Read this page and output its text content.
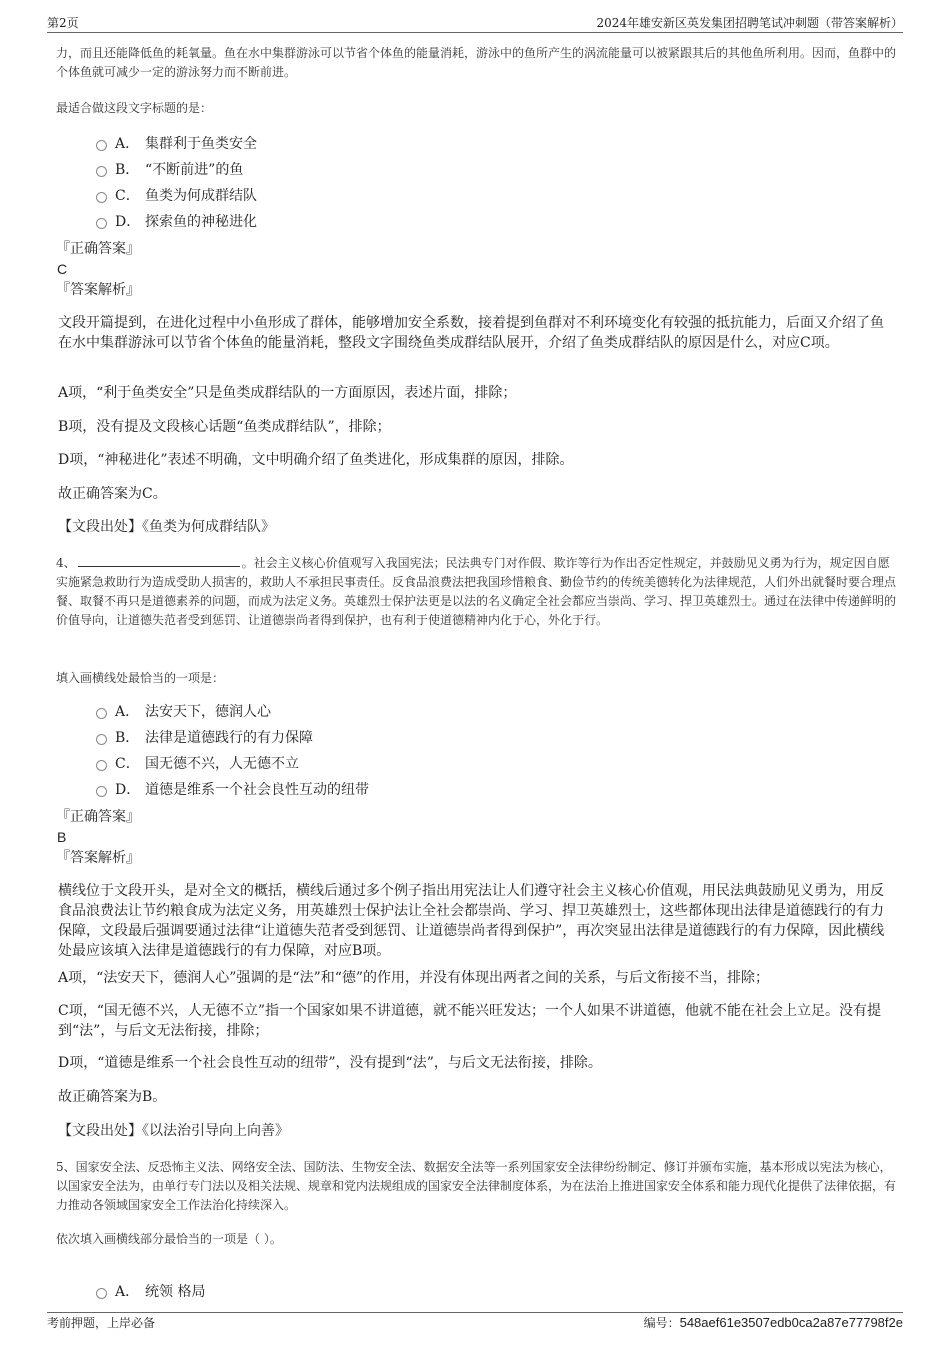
第2页	2024年雄安新区英发集团招聘笔试冲刺题（带答案解析）
力，而且还能降低鱼的耗氧量。鱼在水中集群游泳可以节省个体鱼的能量消耗，游泳中的鱼所产生的涡流能量可以被紧跟其后的其他鱼所利用。因而，鱼群中的个体鱼就可减少一定的游泳努力而不断前进。
最适合做这段文字标题的是：
A． 集群利于鱼类安全
B． “不断前进”的鱼
C． 鱼类为何成群结队
D． 探索鱼的神秘进化
『正确答案』
C
『答案解析』
文段开篇提到，在进化过程中小鱼形成了群体，能够增加安全系数，接着提到鱼群对不利环境变化有较强的抵抗能力，后面又介绍了鱼在水中集群游泳可以节省个体鱼的能量消耗，整段文字围绕鱼类成群结队展开，介绍了鱼类成群结队的原因是什么，对应C项。
A项，“利于鱼类安全”只是鱼类成群结队的一方面原因，表述片面，排除；
B项，没有提及文段核心话题“鱼类成群结队”，排除；
D项，“神秘进化”表述不明确，文中明确介绍了鱼类进化，形成集群的原因，排除。
故正确答案为C。
【文段出处】《鱼类为何成群结队》
4、	。社会主义核心价值观写入我国宪法；民法典专门对作假、欺诈等行为作出否定性规定，并鼓励见义勇为行为，规定因自愿实施紧急救助行为造成受助人损害的，救助人不承担民事责任。反食品浪费法把我国珍惜粮食、勤俭节约的传统美德转化为法律规范，人们外出就餐时要合理点餐、取餐不再只是道德素养的问题，而成为法定义务。英雄烈士保护法更是以法的名义确定全社会都应当崇尚、学习、捍卫英雄烈士。通过在法律中传递鲜明的价值导向，让道德失范者受到惩罚、让道德崇尚者得到保护，也有利于使道德精神内化于心，外化于行。
填入画横线处最恰当的一项是：
A． 法安天下，德润人心
B． 法律是道德践行的有力保障
C． 国无德不兴，人无德不立
D． 道德是维系一个社会良性互动的纽带
『正确答案』
B
『答案解析』
横线位于文段开头，是对全文的概括，横线后通过多个例子指出用宪法让人们遵守社会主义核心价值观，用民法典鼓励见义勇为，用反食品浪费法让节约粮食成为法定义务，用英雄烈士保护法让全社会都崇尚、学习、捍卫英雄烈士，这些都体现出法律是道德践行的有力保障，文段最后强调要通过法律“让道德失范者受到惩罚、让道德崇尚者得到保护”，再次突显出法律是道德践行的有力保障，因此横线处最应该填入法律是道德践行的有力保障，对应B项。
A项，“法安天下，德润人心”强调的是“法”和“德”的作用，并没有体现出两者之间的关系，与后文衔接不当，排除；
C项，“国无德不兴，人无德不立”指一个国家如果不讲道德，就不能兴旺发达；一个人如果不讲道德，他就不能在社会上立足。没有提到“法”，与后文无法衔接，排除；
D项，“道德是维系一个社会良性互动的纽带”，没有提到“法”，与后文无法衔接，排除。
故正确答案为B。
【文段出处】《以法治引导向上向善》
5、国家安全法、反恐怖主义法、网络安全法、国防法、生物安全法、数据安全法等一系列国家安全法律纷纷制定、修订并颁布实施，基本形成以宪法为核心，以国家安全法为，由单行专门法以及相关法规、规章和党内法规组成的国家安全法律制度体系，为在法治上推进国家安全体系和能力现代化提供了法律依据，有力推动各领域国家安全工作法治化持续深入。
依次填入画横线部分最恰当的一项是（ ）。
A． 统领 格局
考前押题，上岸必备	编号：548aef61e3507edb0ca2a87e77798f2e
